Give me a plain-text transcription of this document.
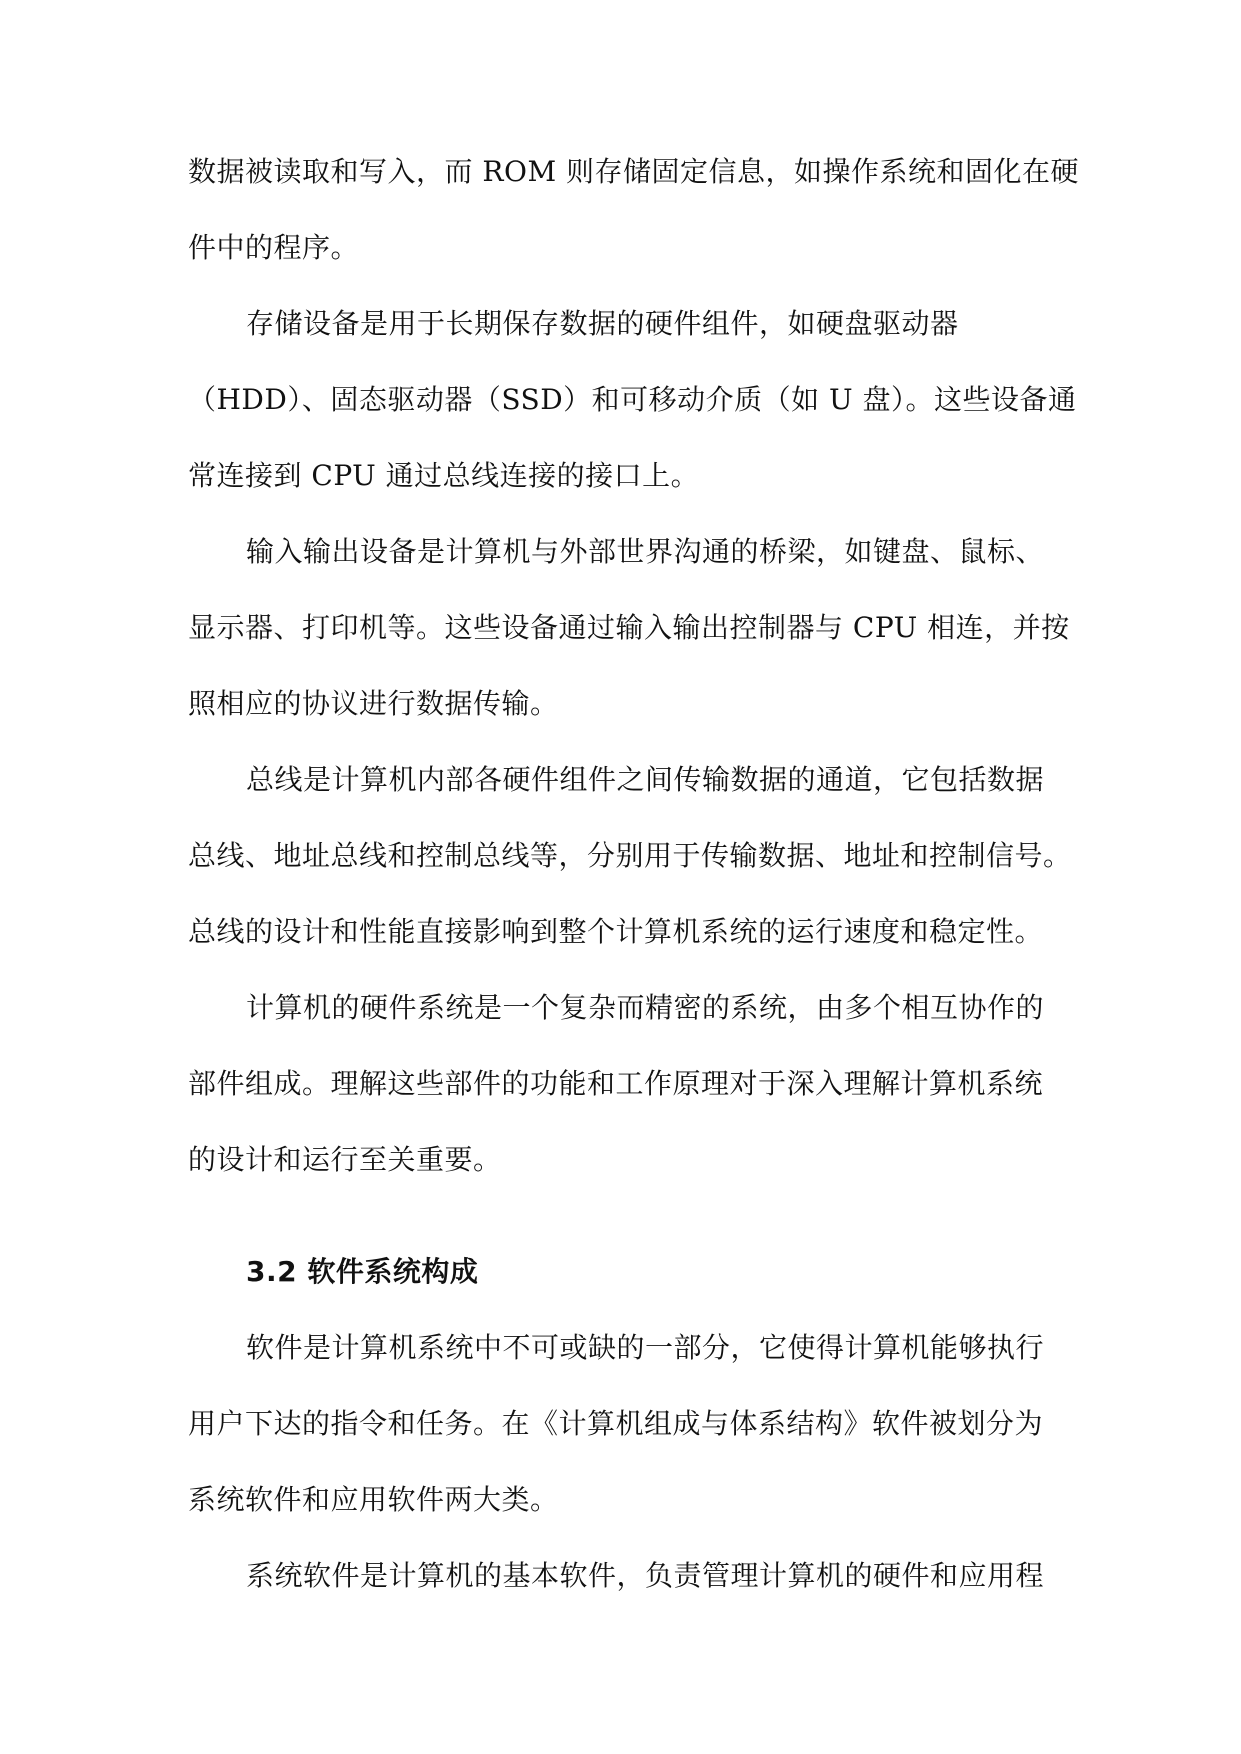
数据被读取和写入，而 ROM 则存储固定信息，如操作系统和固化在硬
件中的程序。
存储设备是用于长期保存数据的硬件组件，如硬盘驱动器
（HDD）、固态驱动器（SSD）和可移动介质（如 U 盘）。这些设备通
常连接到 CPU 通过总线连接的接口上。
输入输出设备是计算机与外部世界沟通的桥梁，如键盘、鼠标、
显示器、打印机等。这些设备通过输入输出控制器与 CPU 相连，并按
照相应的协议进行数据传输。
总线是计算机内部各硬件组件之间传输数据的通道，它包括数据
总线、地址总线和控制总线等，分别用于传输数据、地址和控制信号。
总线的设计和性能直接影响到整个计算机系统的运行速度和稳定性。
计算机的硬件系统是一个复杂而精密的系统，由多个相互协作的
部件组成。理解这些部件的功能和工作原理对于深入理解计算机系统
的设计和运行至关重要。
3.2 软件系统构成
软件是计算机系统中不可或缺的一部分，它使得计算机能够执行
用户下达的指令和任务。在《计算机组成与体系结构》软件被划分为
系统软件和应用软件两大类。
系统软件是计算机的基本软件，负责管理计算机的硬件和应用程
